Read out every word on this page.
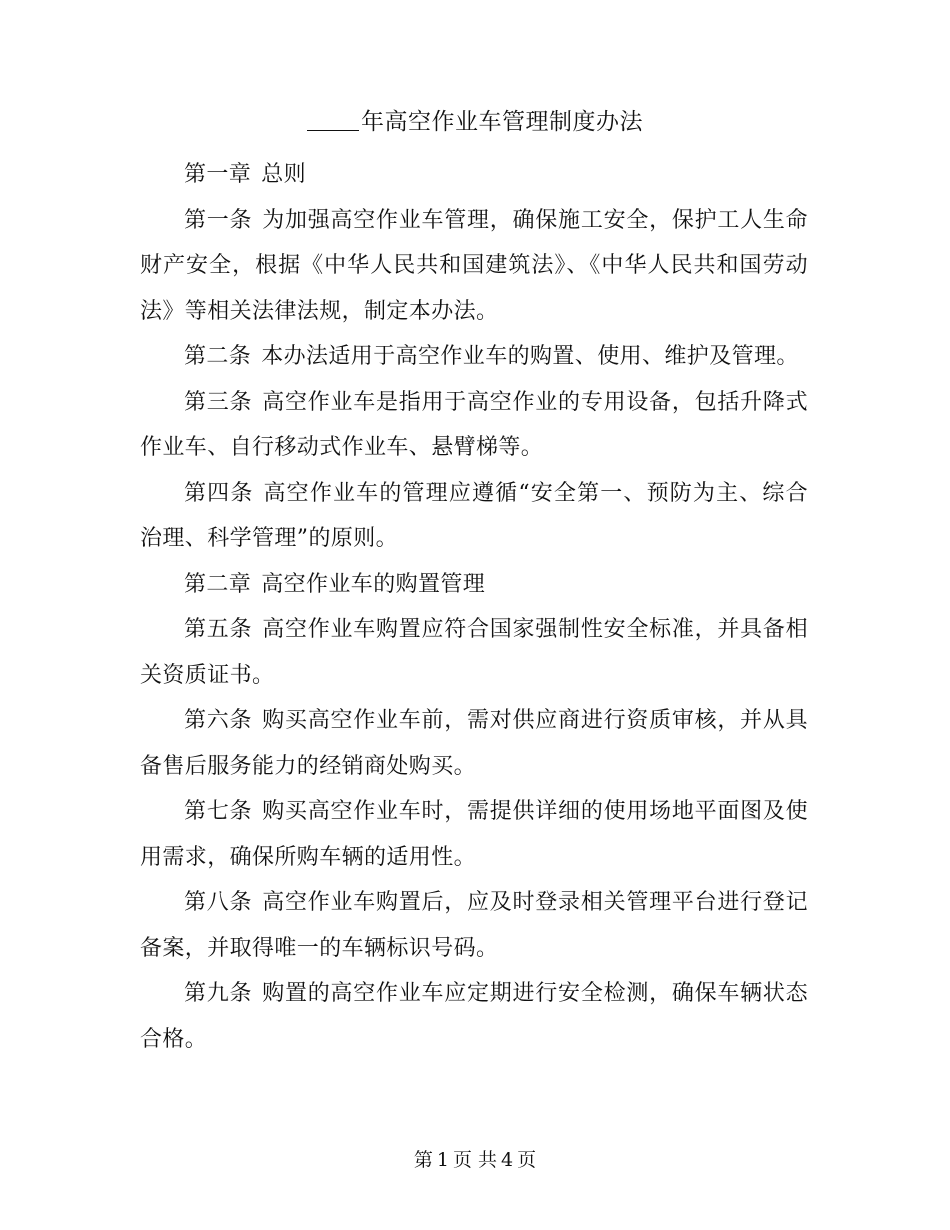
年高空作业车管理制度办法

第一章 总则

第一条 为加强高空作业车管理，确保施工安全，保护工人生命财产安全，根据《中华人民共和国建筑法》、《中华人民共和国劳动法》等相关法律法规，制定本办法。

第二条 本办法适用于高空作业车的购置、使用、维护及管理。

第三条 高空作业车是指用于高空作业的专用设备，包括升降式作业车、自行移动式作业车、悬臂梯等。

第四条 高空作业车的管理应遵循“安全第一、预防为主、综合治理、科学管理”的原则。

第二章 高空作业车的购置管理

第五条 高空作业车购置应符合国家强制性安全标准，并具备相关资质证书。

第六条 购买高空作业车前，需对供应商进行资质审核，并从具备售后服务能力的经销商处购买。

第七条 购买高空作业车时，需提供详细的使用场地平面图及使用需求，确保所购车辆的适用性。

第八条 高空作业车购置后，应及时登录相关管理平台进行登记备案，并取得唯一的车辆标识号码。

第九条 购置的高空作业车应定期进行安全检测，确保车辆状态合格。

第 1 页 共 4 页
